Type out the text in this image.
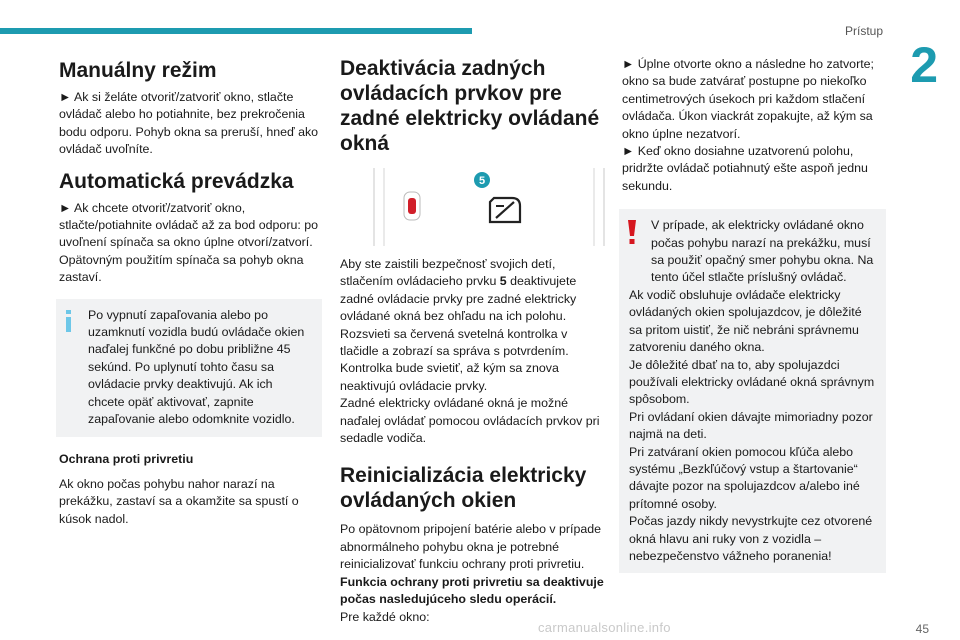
Prístup
2
Manuálny režim

► Ak si želáte otvoriť/zatvoriť okno, stlačte ovládač alebo ho potiahnite, bez prekročenia bodu odporu. Pohyb okna sa preruší, hneď ako ovládač uvoľníte.

Automatická prevádzka

► Ak chcete otvoriť/zatvoriť okno, stlačte/potiahnite ovládač až za bod odporu: po uvoľnení spínača sa okno úplne otvorí/zatvorí. Opätovným použitím spínača sa pohyb okna zastaví.

Po vypnutí zapaľovania alebo po uzamknutí vozidla budú ovládače okien naďalej funkčné po dobu približne 45 sekúnd. Po uplynutí tohto času sa ovládacie prvky deaktivujú. Ak ich chcete opäť aktivovať, zapnite zapaľovanie alebo odomknite vozidlo.

Ochrana proti privretiu

Ak okno počas pohybu nahor narazí na prekážku, zastaví sa a okamžite sa spustí o kúsok nadol.

Deaktivácia zadných ovládacích prvkov pre zadné elektricky ovládané okná
5

Aby ste zaistili bezpečnosť svojich detí, stlačením ovládacieho prvku 5 deaktivujete zadné ovládacie prvky pre zadné elektricky ovládané okná bez ohľadu na ich polohu.

Rozsvieti sa červená svetelná kontrolka v tlačidle a zobrazí sa správa s potvrdením. Kontrolka bude svietiť, až kým sa znova neaktivujú ovládacie prvky.

Zadné elektricky ovládané okná je možné naďalej ovládať pomocou ovládacích prvkov pri sedadle vodiča.

Reinicializácia elektricky ovládaných okien

Po opätovnom pripojení batérie alebo v prípade abnormálneho pohybu okna je potrebné reinicializovať funkciu ochrany proti privretiu.

Funkcia ochrany proti privretiu sa deaktivuje počas nasledujúceho sledu operácií.

Pre každé okno:

► Úplne otvorte okno a následne ho zatvorte; okno sa bude zatvárať postupne po niekoľko centimetrových úsekoch pri každom stlačení ovládača. Úkon viackrát zopakujte, až kým sa okno úplne nezatvorí.

► Keď okno dosiahne uzatvorenú polohu, pridržte ovládač potiahnutý ešte aspoň jednu sekundu.

V prípade, ak elektricky ovládané okno počas pohybu narazí na prekážku, musí sa použiť opačný smer pohybu okna. Na tento účel stlačte príslušný ovládač.

Ak vodič obsluhuje ovládače elektricky ovládaných okien spolujazdcov, je dôležité sa pritom uistiť, že nič nebráni správnemu zatvoreniu daného okna.

Je dôležité dbať na to, aby spolujazdci používali elektricky ovládané okná správnym spôsobom.

Pri ovládaní okien dávajte mimoriadny pozor najmä na deti.

Pri zatváraní okien pomocou kľúča alebo systému „Bezkľúčový vstup a štartovanie“ dávajte pozor na spolujazdcov a/alebo iné prítomné osoby.

Počas jazdy nikdy nevystrkujte cez otvorené okná hlavu ani ruky von z vozidla – nebezpečenstvo vážneho poranenia!

carmanualsonline.info	45
